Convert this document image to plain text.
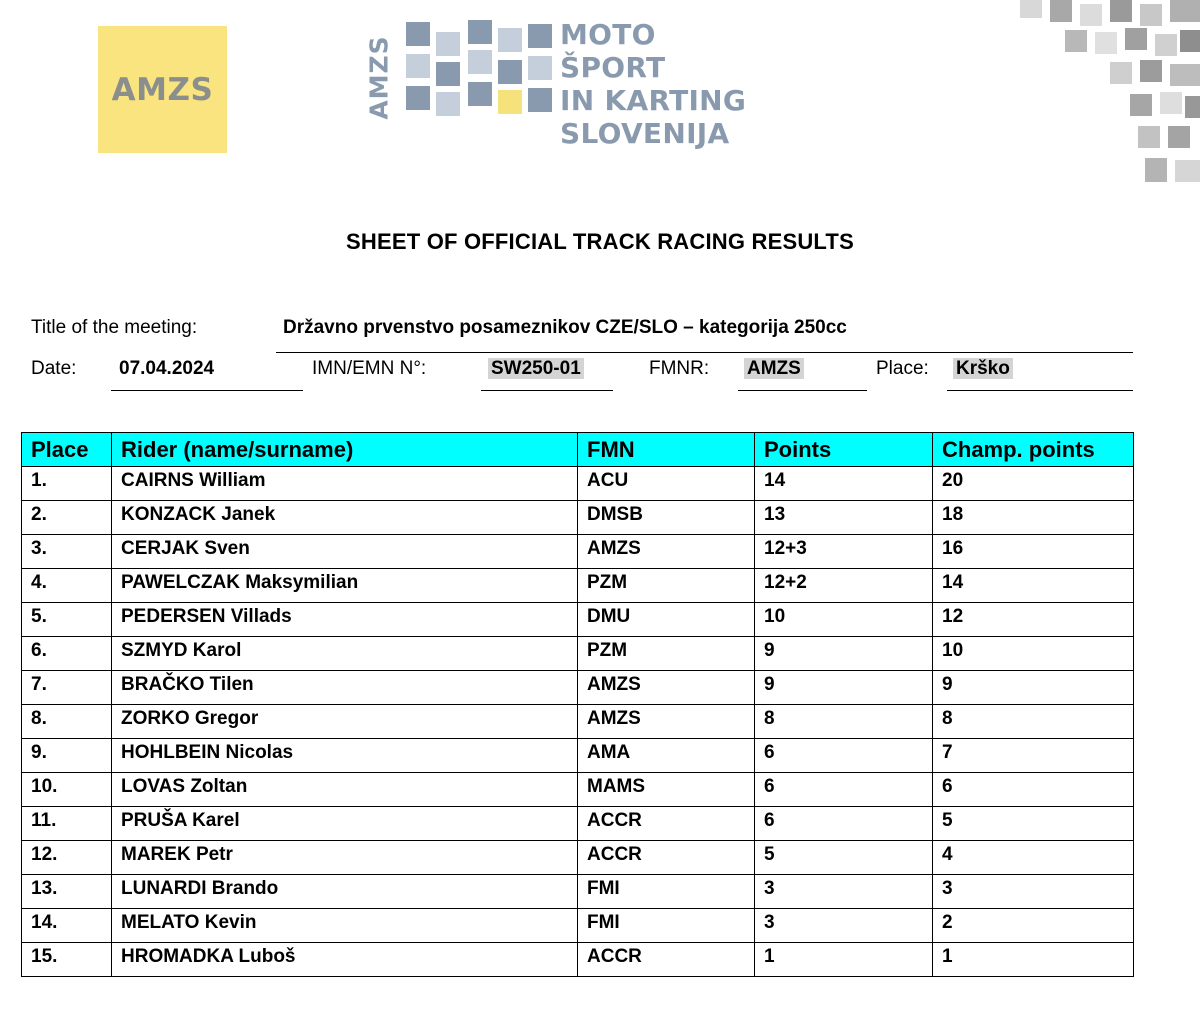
AMZS	AMZS
MOTO ŠPORT
IN KARTING
SLOVENIJA
SHEET OF OFFICIAL TRACK RACING RESULTS
Title of the meeting:	Državno prvenstvo posameznikov CZE/SLO – kategorija 250cc
Date: 07.04.2024	IMN/EMN N°:	SW250-01	FMNR: AMZS	Place: Krško
Place	Rider (name/surname)	FMN	Points	Champ. points
1.	CAIRNS William	ACU	14	20
2.	KONZACK Janek	DMSB	13	18
3.	CERJAK Sven	AMZS	12+3	16
4.	PAWELCZAK Maksymilian	PZM	12+2	14
5.	PEDERSEN Villads	DMU	10	12
6.	SZMYD Karol	PZM	9	10
7.	BRAČKO Tilen	AMZS	9	9
8.	ZORKO Gregor	AMZS	8	8
9.	HOHLBEIN Nicolas	AMA	6	7
10.	LOVAS Zoltan	MAMS	6	6
11.	PRUŠA Karel	ACCR	6	5
12.	MAREK Petr	ACCR	5	4
13.	LUNARDI Brando	FMI	3	3
14.	MELATO Kevin	FMI	3	2
15.	HROMADKA Luboš	ACCR	1	1
